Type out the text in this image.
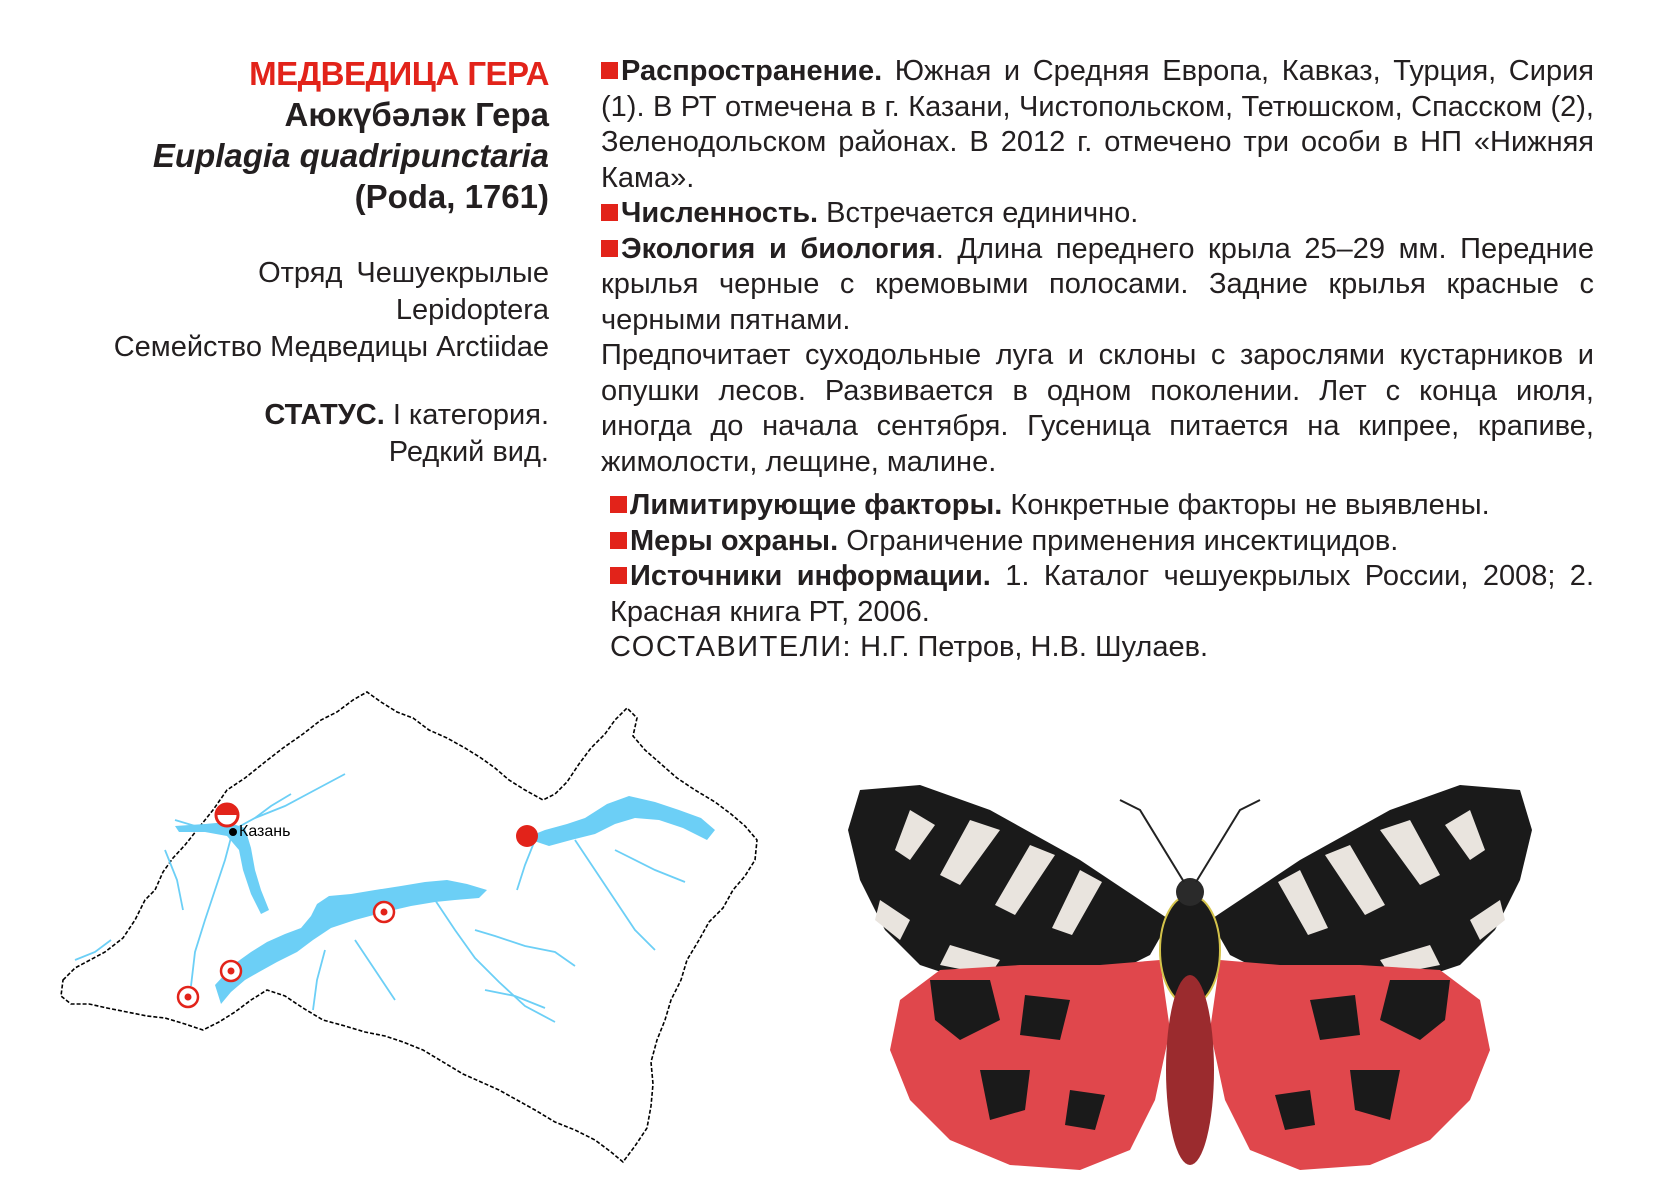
МЕДВЕДИЦА ГЕРА
Аюкүбәләк Гера
Euplagia quadripunctaria
(Poda, 1761)
Отряд Чешуекрылые
Lepidoptera
Семейство Медведицы Arctiidae
СТАТУС. I категория.
Редкий вид.

Распространение. Южная и Средняя Европа, Кавказ, Турция, Сирия (1). В РТ отмечена в г. Казани, Чистопольском, Тетюшском, Спасском (2), Зеленодольском районах. В 2012 г. отмечено три особи в НП «Нижняя Кама».

Численность. Встречается единично.

Экология и биология. Длина переднего крыла 25–29 мм. Передние крылья черные с кремовыми полосами. Задние крылья красные с черными пятнами.

Предпочитает суходольные луга и склоны с зарослями кустарников и опушки лесов. Развивается в одном поколении. Лет с конца июля, иногда до начала сентября. Гусеница питается на кипрее, крапиве, жимолости, лещине, малине.

Лимитирующие факторы. Конкретные факторы не выявлены.

Меры охраны. Ограничение применения инсектицидов.

Источники информации. 1. Каталог чешуекрылых России, 2008; 2. Красная книга РТ, 2006.

СОСТАВИТЕЛИ: Н.Г. Петров, Н.В. Шулаев.

Казань
